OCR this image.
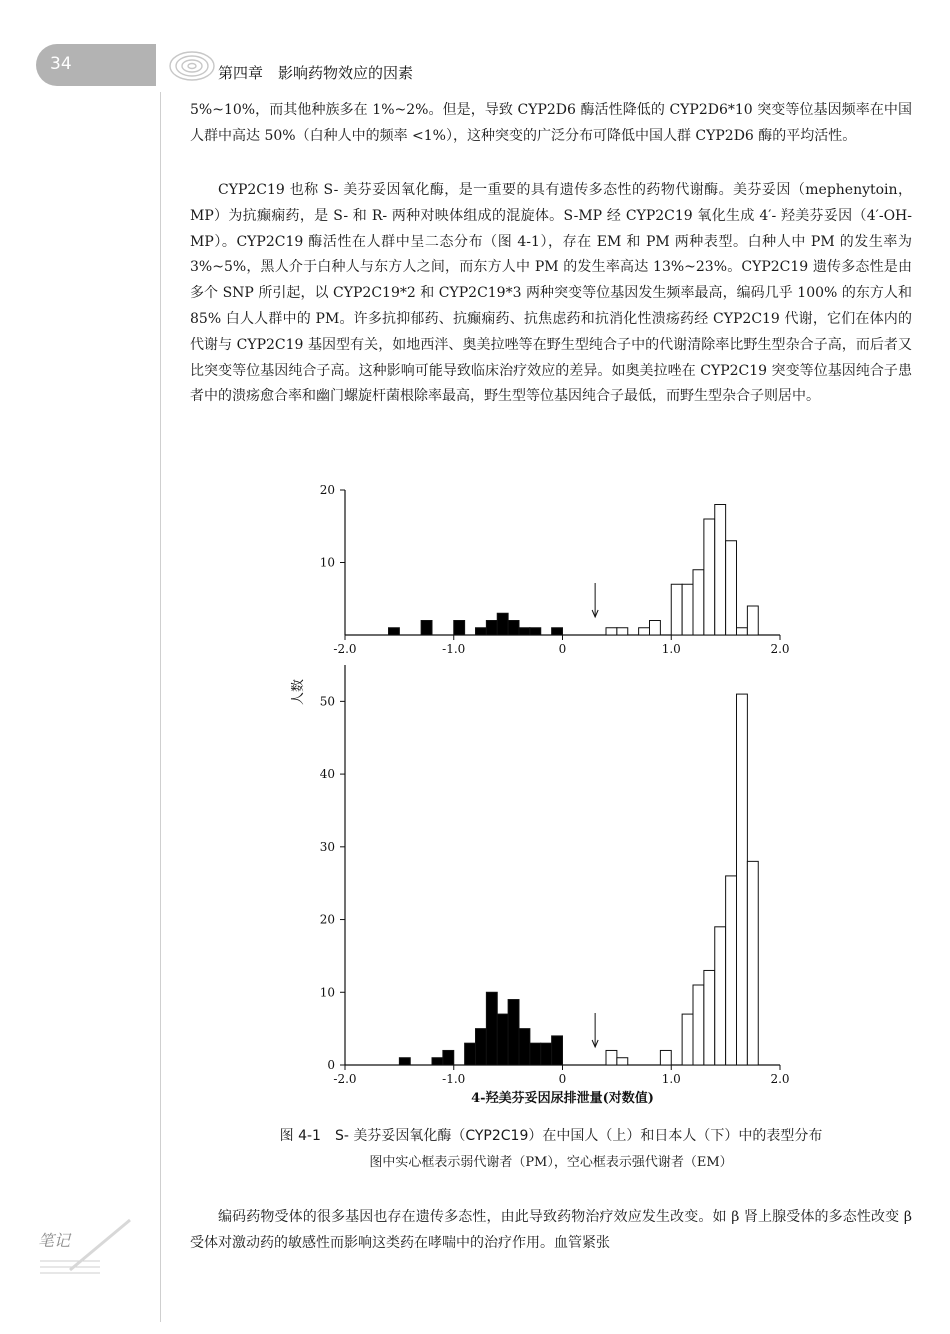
34	第四章　影响药物效应的因素

5%~10%，而其他种族多在 1%~2%。但是，导致 CYP2D6 酶活性降低的 CYP2D6*10 突变等位基因频率在中国人群中高达 50%（白种人中的频率 <1%），这种突变的广泛分布可降低中国人群 CYP2D6 酶的平均活性。

CYP2C19 也称 S- 美芬妥因氧化酶，是一重要的具有遗传多态性的药物代谢酶。美芬妥因（mephenytoin，MP）为抗癫痫药，是 S- 和 R- 两种对映体组成的混旋体。S-MP 经 CYP2C19 氧化生成 4′- 羟美芬妥因（4′-OH-MP）。CYP2C19 酶活性在人群中呈二态分布（图 4-1），存在 EM 和 PM 两种表型。白种人中 PM 的发生率为 3%~5%，黑人介于白种人与东方人之间，而东方人中 PM 的发生率高达 13%~23%。CYP2C19 遗传多态性是由多个 SNP 所引起，以 CYP2C19*2 和 CYP2C19*3 两种突变等位基因发生频率最高，编码几乎 100% 的东方人和 85% 白人人群中的 PM。许多抗抑郁药、抗癫痫药、抗焦虑药和抗消化性溃疡药经 CYP2C19 代谢，它们在体内的代谢与 CYP2C19 基因型有关，如地西泮、奥美拉唑等在野生型纯合子中的代谢清除率比野生型杂合子高，而后者又比突变等位基因纯合子高。这种影响可能导致临床治疗效应的差异。如奥美拉唑在 CYP2C19 突变等位基因纯合子患者中的溃疡愈合率和幽门螺旋杆菌根除率最高，野生型等位基因纯合子最低，而野生型杂合子则居中。

10
20
-2.0	-1.0	0	1.0	2.0
人数
0
10
20
30
40
50
-2.0	-1.0	0	1.0	2.0
4-羟美芬妥因尿排泄量(对数值)
图 4-1　S- 美芬妥因氧化酶（CYP2C19）在中国人（上）和日本人（下）中的表型分布
图中实心框表示弱代谢者（PM），空心框表示强代谢者（EM）
笔记

编码药物受体的很多基因也存在遗传多态性，由此导致药物治疗效应发生改变。如 β 肾上腺受体的多态性改变 β 受体对激动药的敏感性而影响这类药在哮喘中的治疗作用。血管紧张
